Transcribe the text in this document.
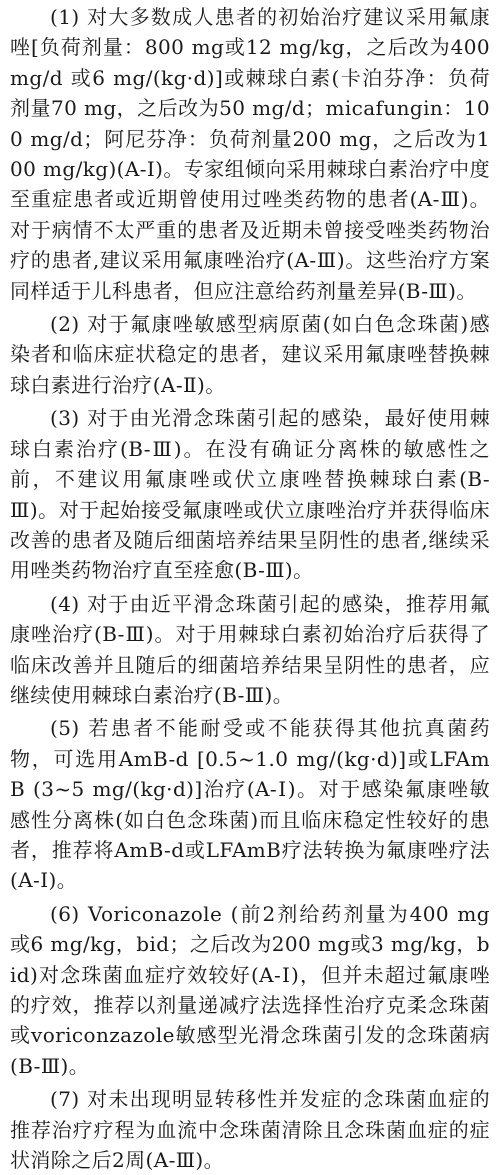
(1) 对大多数成人患者的初始治疗建议采用氟康唑[负荷剂量：800 mg或12 mg/kg，之后改为400 mg/d 或6 mg/(kg·d)]或棘球白素(卡泊芬净：负荷剂量70 mg，之后改为50 mg/d；micafungin：100 mg/d；阿尼芬净：负荷剂量200 mg，之后改为100 mg/kg)(A-Ⅰ)。专家组倾向采用棘球白素治疗中度至重症患者或近期曾使用过唑类药物的患者(A-Ⅲ)。对于病情不太严重的患者及近期未曾接受唑类药物治疗的患者,建议采用氟康唑治疗(A-Ⅲ)。这些治疗方案同样适于儿科患者，但应注意给药剂量差异(B-Ⅲ)。

(2) 对于氟康唑敏感型病原菌(如白色念珠菌)感染者和临床症状稳定的患者，建议采用氟康唑替换棘球白素进行治疗(A-Ⅱ)。

(3) 对于由光滑念珠菌引起的感染，最好使用棘球白素治疗(B-Ⅲ)。在没有确证分离株的敏感性之前，不建议用氟康唑或伏立康唑替换棘球白素(B-Ⅲ)。对于起始接受氟康唑或伏立康唑治疗并获得临床改善的患者及随后细菌培养结果呈阴性的患者,继续采用唑类药物治疗直至痊愈(B-Ⅲ)。

(4) 对于由近平滑念珠菌引起的感染，推荐用氟康唑治疗(B-Ⅲ)。对于用棘球白素初始治疗后获得了临床改善并且随后的细菌培养结果呈阴性的患者，应继续使用棘球白素治疗(B-Ⅲ)。

(5) 若患者不能耐受或不能获得其他抗真菌药物，可选用AmB-d [0.5~1.0 mg/(kg·d)]或LFAmB (3~5 mg/(kg·d)]治疗(A-Ⅰ)。对于感染氟康唑敏感性分离株(如白色念珠菌)而且临床稳定性较好的患者，推荐将AmB-d或LFAmB疗法转换为氟康唑疗法(A-Ⅰ)。

(6) Voriconazole (前2剂给药剂量为400 mg或6 mg/kg，bid；之后改为200 mg或3 mg/kg，bid)对念珠菌血症疗效较好(A-Ⅰ)，但并未超过氟康唑的疗效，推荐以剂量递减疗法选择性治疗克柔念珠菌或voriconzazole敏感型光滑念珠菌引发的念珠菌病(B-Ⅲ)。

(7) 对未出现明显转移性并发症的念珠菌血症的推荐治疗疗程为血流中念珠菌清除且念珠菌血症的症状消除之后2周(A-Ⅲ)。
